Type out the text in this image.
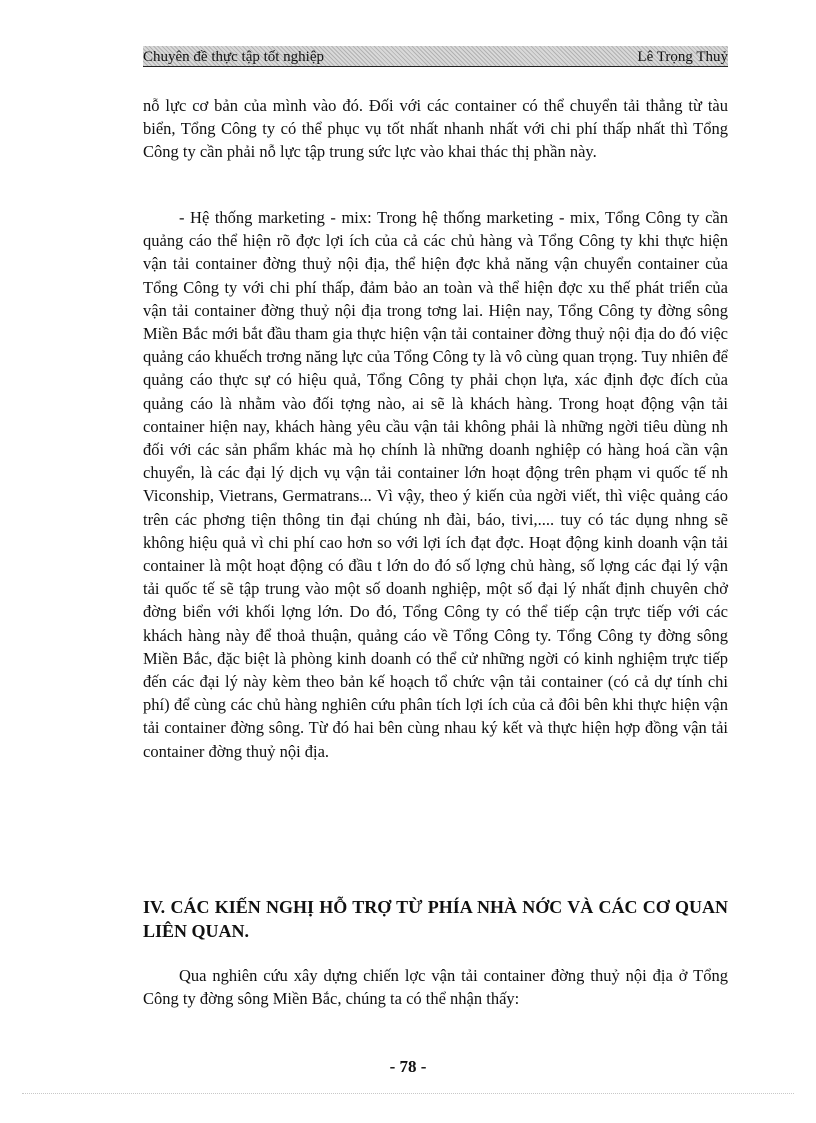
Chuyên đề thực tập tốt nghiệp	Lê Trọng Thuỷ

nỗ lực cơ bản của mình vào đó. Đối với các container có thể chuyển tải thẳng từ tàu biển, Tổng Công ty có thể phục vụ tốt nhất nhanh nhất với chi phí thấp nhất thì Tổng Công ty cần phải nỗ lực tập trung sức lực vào khai thác thị phần này.

- Hệ thống marketing - mix: Trong hệ thống marketing - mix, Tổng Công ty cần quảng cáo thể hiện rõ đợc lợi ích của cả các chủ hàng và Tổng Công ty khi thực hiện vận tải container đờng thuỷ nội địa, thể hiện đợc khả năng vận chuyển container của Tổng Công ty với chi phí thấp, đảm bảo an toàn và thể hiện đợc xu thế phát triển của vận tải container đờng thuỷ nội địa trong tơng lai. Hiện nay, Tổng Công ty đờng sông Miền Bắc mới bắt đầu tham gia thực hiện vận tải container đờng thuỷ nội địa do đó việc quảng cáo khuếch trơng năng lực của Tổng Công ty là vô cùng quan trọng. Tuy nhiên để quảng cáo thực sự có hiệu quả, Tổng Công ty phải chọn lựa, xác định đợc đích của quảng cáo là nhằm vào đối tợng nào, ai sẽ là khách hàng. Trong hoạt động vận tải container hiện nay, khách hàng yêu cầu vận tải không phải là những ngời tiêu dùng nh đối với các sản phẩm khác mà họ chính là những doanh nghiệp có hàng hoá cần vận chuyển, là các đại lý dịch vụ vận tải container lớn hoạt động trên phạm vi quốc tế nh Viconship, Vietrans, Germatrans... Vì vậy, theo ý kiến của ngời viết, thì việc quảng cáo trên các phơng tiện thông tin đại chúng nh đài, báo, tivi,.... tuy có tác dụng nhng sẽ không hiệu quả vì chi phí cao hơn so với lợi ích đạt đợc. Hoạt động kinh doanh vận tải container là một hoạt động có đầu t lớn do đó số lợng chủ hàng, số lợng các đại lý vận tải quốc tế sẽ tập trung vào một số doanh nghiệp, một số đại lý nhất định chuyên chở đờng biển với khối lợng lớn. Do đó, Tổng Công ty có thể tiếp cận trực tiếp với các khách hàng này để thoả thuận, quảng cáo về Tổng Công ty. Tổng Công ty đờng sông Miền Bắc, đặc biệt là phòng kinh doanh có thể cử những ngời có kinh nghiệm trực tiếp đến các đại lý này kèm theo bản kế hoạch tổ chức vận tải container (có cả dự tính chi phí) để cùng các chủ hàng nghiên cứu phân tích lợi ích của cả đôi bên khi thực hiện vận tải container đờng sông. Từ đó hai bên cùng nhau ký kết và thực hiện hợp đồng vận tải container đờng thuỷ nội địa.

IV. CÁC KIẾN NGHỊ HỖ TRỢ TỪ PHÍA NHÀ NỚC VÀ CÁC CƠ QUAN LIÊN QUAN.

Qua nghiên cứu xây dựng chiến lợc vận tải container đờng thuỷ nội địa ở Tổng Công ty đờng sông Miền Bắc, chúng ta có thể nhận thấy:

- 78 -
